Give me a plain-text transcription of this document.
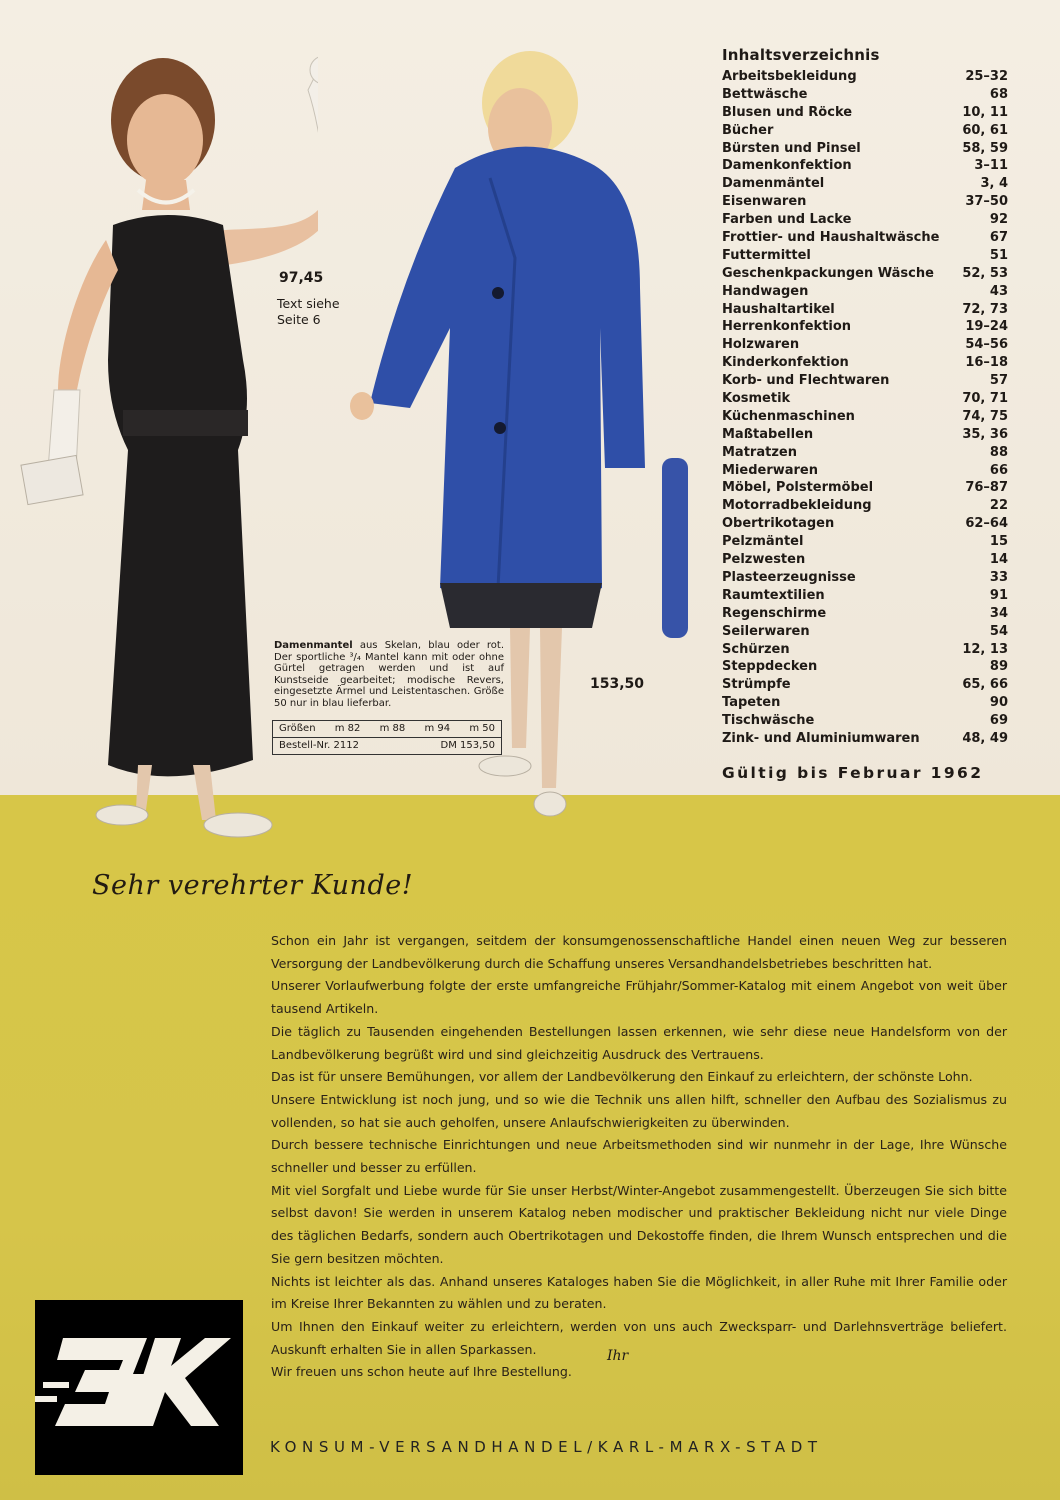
97,45
Text siehe
Seite 6
Damenmantel aus Skelan, blau oder rot. Der sportliche ³/₄ Mantel kann mit oder ohne Gürtel getragen werden und ist auf Kunstseide gearbeitet; modische Revers, eingesetzte Ärmel und Leistentaschen. Größe 50 nur in blau lieferbar.
Größen m 82 m 88 m 94 m 50
Bestell-Nr. 2112	DM 153,50
153,50
Inhaltsverzeichnis
Arbeitsbekleidung	25–32
Bettwäsche	68
Blusen und Röcke	10, 11
Bücher	60, 61
Bürsten und Pinsel	58, 59
Damenkonfektion	3–11
Damenmäntel	3, 4
Eisenwaren	37–50
Farben und Lacke	92
Frottier- und Haushaltwäsche	67
Futtermittel	51
Geschenkpackungen Wäsche 52, 53
Handwagen	43
Haushaltartikel	72, 73
Herrenkonfektion	19–24
Holzwaren	54–56
Kinderkonfektion	16–18
Korb- und Flechtwaren	57
Kosmetik	70, 71
Küchenmaschinen	74, 75
Maßtabellen	35, 36
Matratzen	88
Miederwaren	66
Möbel, Polstermöbel	76–87
Motorradbekleidung	22
Obertrikotagen	62–64
Pelzmäntel	15
Pelzwesten	14
Plasteerzeugnisse	33
Raumtextilien	91
Regenschirme	34
Seilerwaren	54
Schürzen	12, 13
Steppdecken	89
Strümpfe	65, 66
Tapeten	90
Tischwäsche	69
Zink- und Aluminiumwaren	48, 49
Gültig bis Februar 1962
Sehr verehrter Kunde!

Schon ein Jahr ist vergangen, seitdem der konsumgenossenschaftliche Handel einen neuen Weg zur besseren Versorgung der Landbevölkerung durch die Schaffung unseres Versandhandelsbetriebes beschritten hat.

Unserer Vorlaufwerbung folgte der erste umfangreiche Frühjahr/Sommer-Katalog mit einem Angebot von weit über tausend Artikeln.

Die täglich zu Tausenden eingehenden Bestellungen lassen erkennen, wie sehr diese neue Handelsform von der Landbevölkerung begrüßt wird und sind gleichzeitig Ausdruck des Vertrauens.

Das ist für unsere Bemühungen, vor allem der Landbevölkerung den Einkauf zu erleichtern, der schönste Lohn.

Unsere Entwicklung ist noch jung, und so wie die Technik uns allen hilft, schneller den Aufbau des Sozialismus zu vollenden, so hat sie auch geholfen, unsere Anlaufschwierigkeiten zu überwinden.

Durch bessere technische Einrichtungen und neue Arbeitsmethoden sind wir nunmehr in der Lage, Ihre Wünsche schneller und besser zu erfüllen.

Mit viel Sorgfalt und Liebe wurde für Sie unser Herbst/Winter-Angebot zusammengestellt. Überzeugen Sie sich bitte selbst davon! Sie werden in unserem Katalog neben modischer und praktischer Bekleidung nicht nur viele Dinge des täglichen Bedarfs, sondern auch Obertrikotagen und Dekostoffe finden, die Ihrem Wunsch entsprechen und die Sie gern besitzen möchten.

Nichts ist leichter als das. Anhand unseres Kataloges haben Sie die Möglichkeit, in aller Ruhe mit Ihrer Familie oder im Kreise Ihrer Bekannten zu wählen und zu beraten.

Um Ihnen den Einkauf weiter zu erleichtern, werden von uns auch Zwecksparr- und Darlehnsverträge beliefert. Auskunft erhalten Sie in allen Sparkassen.

Wir freuen uns schon heute auf Ihre Bestellung.

Ihr
KONSUM-VERSANDHANDEL/KARL-MARX-STADT
